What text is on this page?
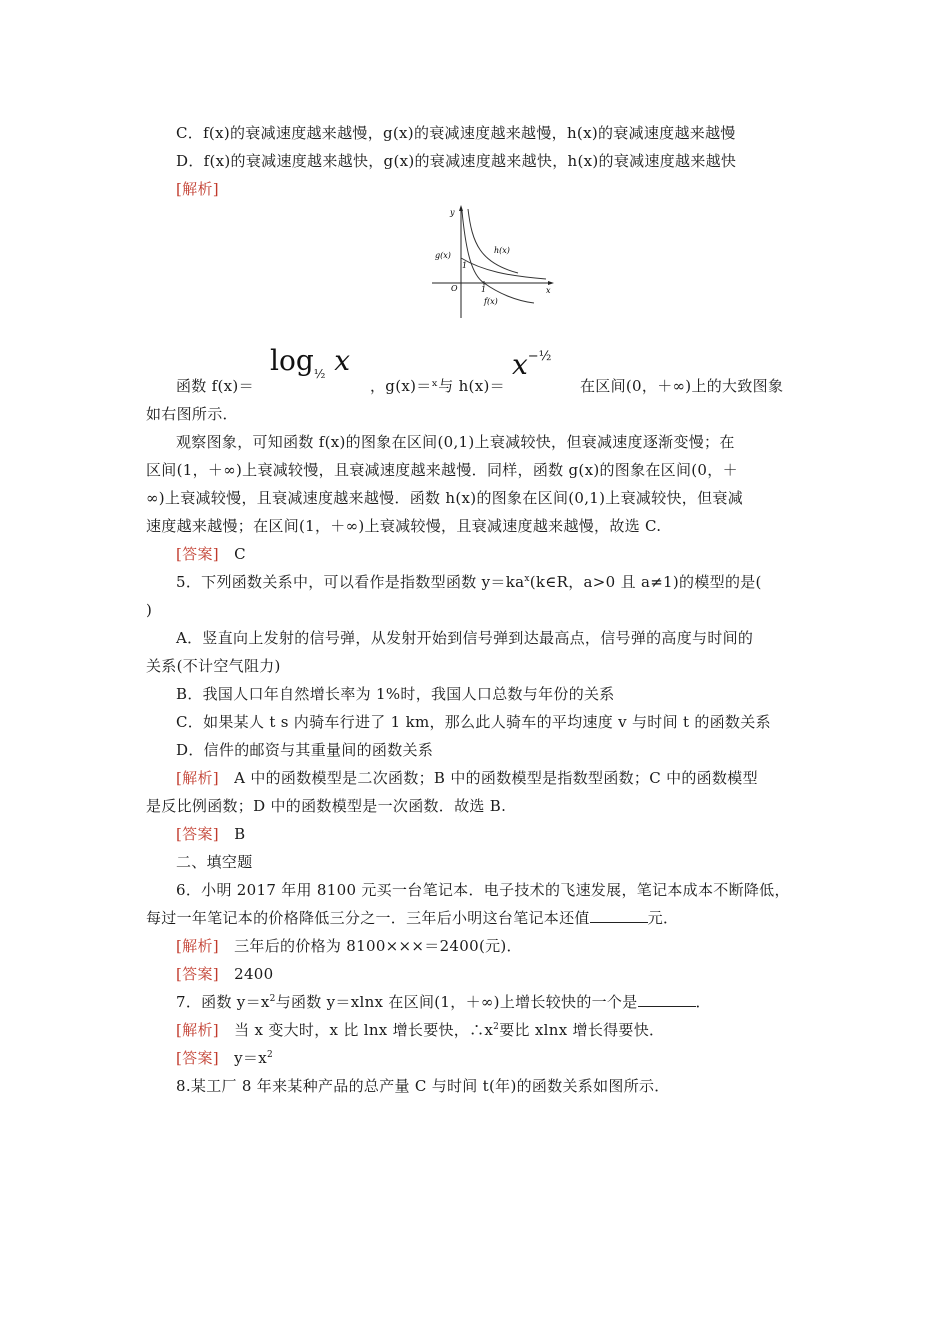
C．f(x)的衰减速度越来越慢，g(x)的衰减速度越来越慢，h(x)的衰减速度越来越慢
D．f(x)的衰减速度越来越快，g(x)的衰减速度越来越快，h(x)的衰减速度越来越快
[解析]
y
x
O	1
1
g(x)
h(x)
f(x)
函数 f(x)＝
$\log_{\frac{1}{2}} x$
，g(x)＝ˣ与 h(x)＝
$x^{-\frac{1}{2}}$
在区间(0，＋∞)上的大致图象
如右图所示．
观察图象，可知函数 f(x)的图象在区间(0,1)上衰减较快，但衰减速度逐渐变慢；在
区间(1，＋∞)上衰减较慢，且衰减速度越来越慢．同样，函数 g(x)的图象在区间(0，＋
∞)上衰减较慢，且衰减速度越来越慢．函数 h(x)的图象在区间(0,1)上衰减较快，但衰减
速度越来越慢；在区间(1，＋∞)上衰减较慢，且衰减速度越来越慢，故选 C.
[答案] C
5．下列函数关系中，可以看作是指数型函数 $y=ka^x(k\in R$，a>0 且 a≠1)的模型的是(
)
A．竖直向上发射的信号弹，从发射开始到信号弹到达最高点，信号弹的高度与时间的
关系(不计空气阻力)
B．我国人口年自然增长率为 1%时，我国人口总数与年份的关系
C．如果某人 t s 内骑车行进了 1 km，那么此人骑车的平均速度 v 与时间 t 的函数关系
D．信件的邮资与其重量间的函数关系
[解析] A 中的函数模型是二次函数；B 中的函数模型是指数型函数；C 中的函数模型
是反比例函数；D 中的函数模型是一次函数．故选 B.
[答案] B
二、填空题
6．小明 2017 年用 8100 元买一台笔记本．电子技术的飞速发展，笔记本成本不断降低，
每过一年笔记本的价格降低三分之一．三年后小明这台笔记本还值	元．
[解析] 三年后的价格为 8100×××＝2400(元)．
[答案] 2400
7．函数 $y=x^2$与函数 y＝xlnx 在区间(1，＋∞)上增长较快的一个是	．
[解析] 当 x 变大时，x 比 lnx 增长要快，$\therefore x^2$要比 xlnx 增长得要快．
[答案] $y=x^2$
8.某工厂 8 年来某种产品的总产量 C 与时间 t(年)的函数关系如图所示．
